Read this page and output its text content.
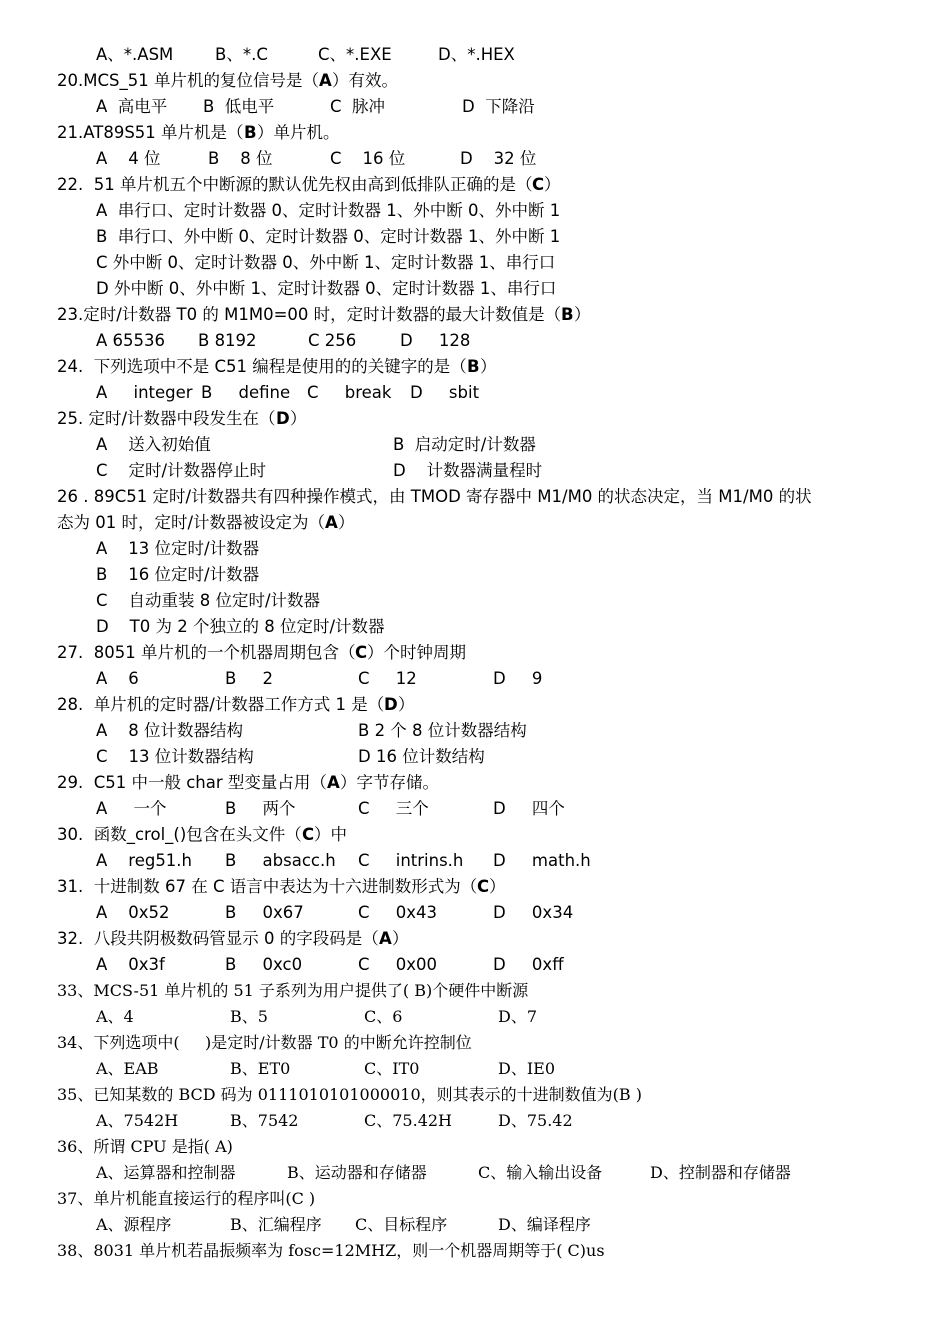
A、*.ASM	B、*.C	C、*.EXE	D、*.HEX
20.MCS_51 单片机的复位信号是（ A ）有效。
A  高电平 B  低电平	C  脉冲	D  下降沿
21.AT89S51 单片机是（ B ）单片机。
A    4 位	B    8 位	C    16 位	D    32 位
22.  51 单片机五个中断源的默认优先权由高到低排队正确的是（ C ）
A  串行口、定时计数器 0、定时计数器 1、外中断 0、外中断 1
B  串行口、外中断 0、定时计数器 0、定时计数器 1、外中断 1
C 外中断 0、定时计数器 0、外中断 1、定时计数器 1、串行口
D 外中断 0、外中断 1、定时计数器 0、定时计数器 1、串行口
23.定时/计数器 T0 的 M1M0=00 时，定时计数器的最大计数值是（ B ）
A 65536 B 8192	C 256	D     128
24.  下列选项中不是 C51 编程是使用的的关键字的是（ B ）
A     integer B     define C     break D     sbit
25. 定时/计数器中段发生在（ D ）
A    送入初始值	B  启动定时/计数器
C    定时/计数器停止时	D    计数器满量程时
26 . 89C51 定时/计数器共有四种操作模式，由 TMOD 寄存器中 M1/M0 的状态决定，当 M1/M0 的状
态为 01 时，定时/计数器被设定为（ A ）
A    13 位定时/计数器
B    16 位定时/计数器
C    自动重装 8 位定时/计数器
D    T0 为 2 个独立的 8 位定时/计数器
27.  8051 单片机的一个机器周期包含（ C ）个时钟周期
A    6	B     2	C     12	D     9
28.  单片机的定时器/计数器工作方式 1 是（ D ）
A    8 位计数器结构	B 2 个 8 位计数器结构
C    13 位计数器结构	D 16 位计数结构
29.  C51 中一般 char 型变量占用（ A ）字节存储。
A     一个	B     两个	C     三个	D     四个
30.  函数_crol_()包含在头文件（ C ）中
A    reg51.h B     absacc.h C     intrins.h D     math.h
31.  十进制数 67 在 C 语言中表达为十六进制数形式为（ C ）
A    0x52	B     0x67	C     0x43	D     0x34
32.  八段共阴极数码管显示 0 的字段码是（ A ）
A    0x3f	B     0xc0	C     0x00	D     0xff
33、MCS-51 单片机的 51 子系列为用户提供了( B)个硬件中断源
A、4	B、5	C、6	D、7
34、下列选项中(     )是定时/计数器 T0 的中断允许控制位
A、EAB	B、ET0	C、IT0	D、IE0
35、已知某数的 BCD 码为 0111010101000010，则其表示的十进制数值为(B )
A、7542H	B、7542	C、75.42H	D、75.42
36、所谓 CPU 是指( A)
A、运算器和控制器	B、运动器和存储器	C、输入输出设备	D、控制器和存储器
37、单片机能直接运行的程序叫(C )
A、源程序	B、汇编程序 C、目标程序	D、编译程序
38、8031 单片机若晶振频率为 fosc=12MHZ，则一个机器周期等于( C)us
